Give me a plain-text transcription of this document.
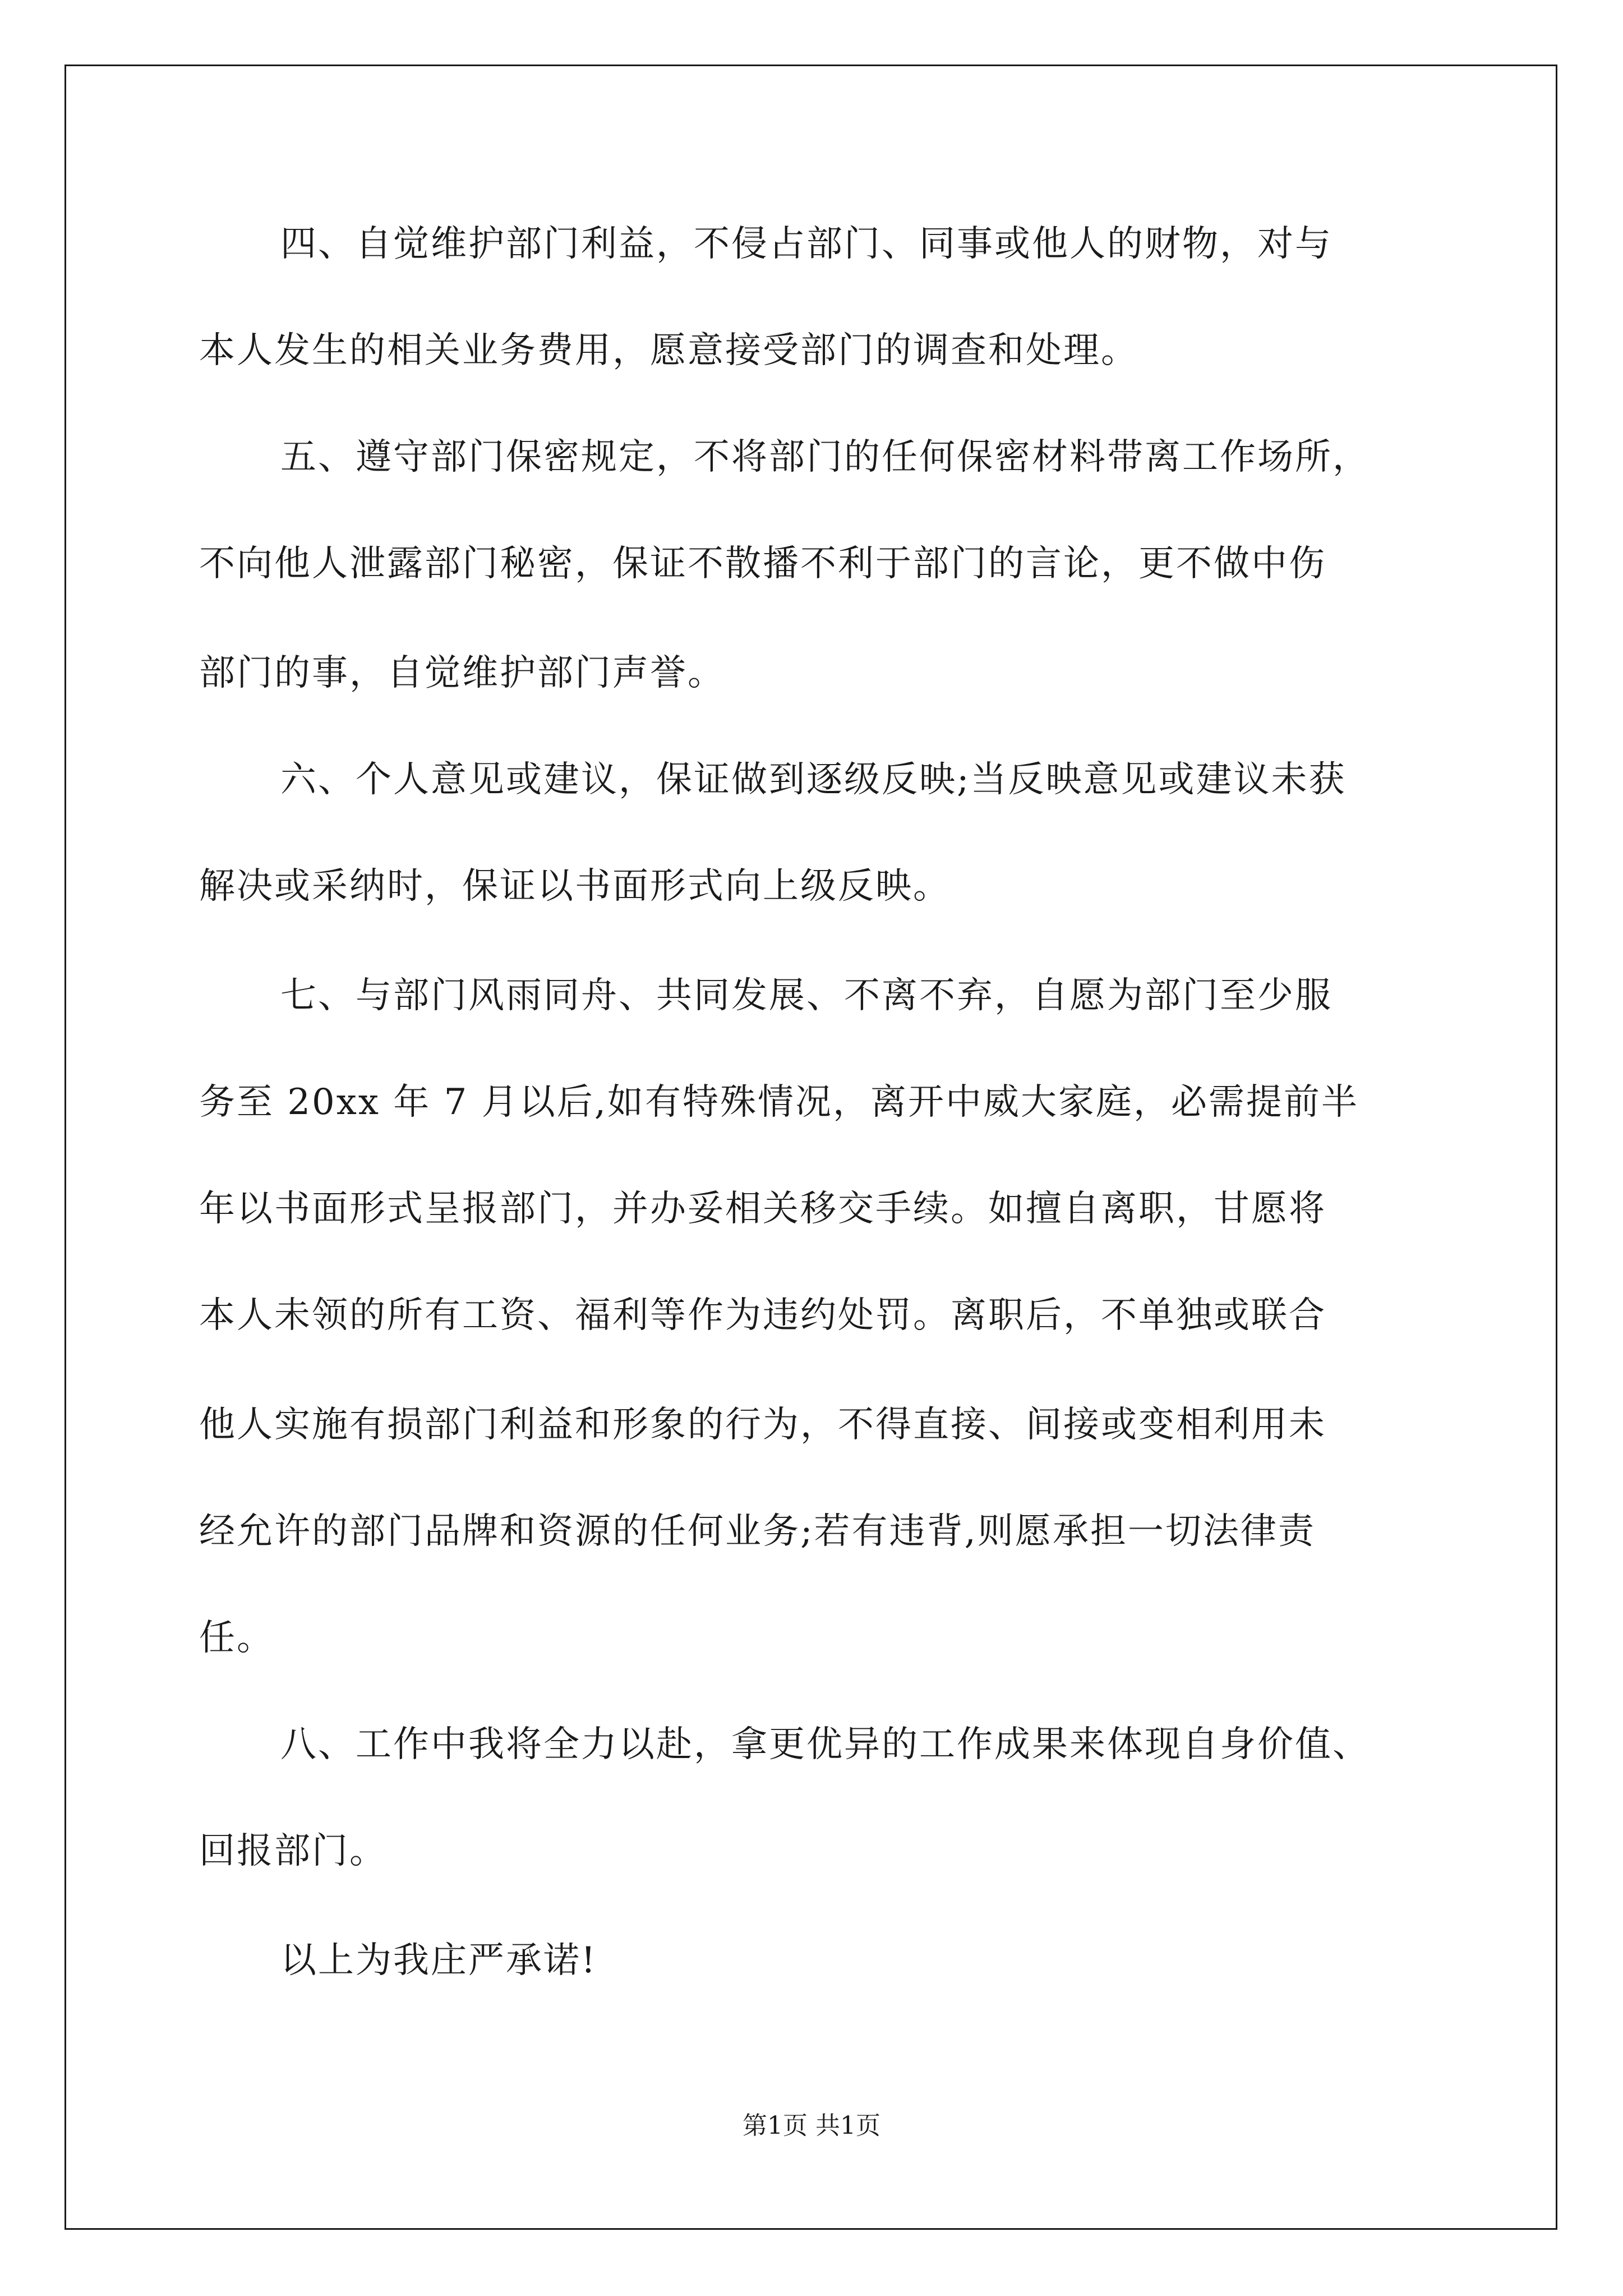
四、自觉维护部门利益，不侵占部门、同事或他人的财物，对与
本人发生的相关业务费用，愿意接受部门的调查和处理。
五、遵守部门保密规定，不将部门的任何保密材料带离工作场所，
不向他人泄露部门秘密，保证不散播不利于部门的言论，更不做中伤
部门的事，自觉维护部门声誉。
六、个人意见或建议，保证做到逐级反映;当反映意见或建议未获
解决或采纳时，保证以书面形式向上级反映。
七、与部门风雨同舟、共同发展、不离不弃，自愿为部门至少服
务至 20xx 年 7 月以后,如有特殊情况，离开中威大家庭，必需提前半
年以书面形式呈报部门，并办妥相关移交手续。如擅自离职，甘愿将
本人未领的所有工资、福利等作为违约处罚。离职后，不单独或联合
他人实施有损部门利益和形象的行为，不得直接、间接或变相利用未
经允许的部门品牌和资源的任何业务;若有违背,则愿承担一切法律责
任。
八、工作中我将全力以赴，拿更优异的工作成果来体现自身价值、
回报部门。
以上为我庄严承诺!
第1页 共1页
